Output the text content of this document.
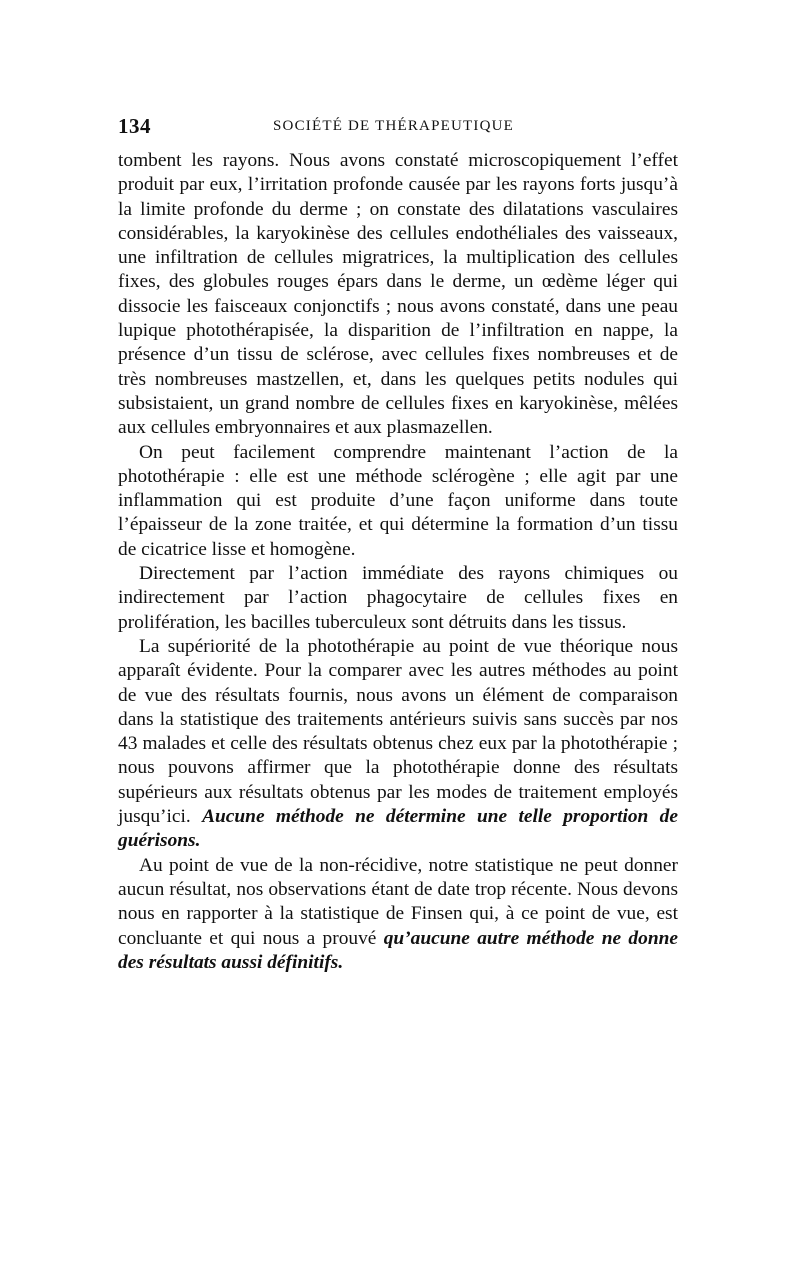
134	SOCIÉTÉ DE THÉRAPEUTIQUE

tombent les rayons. Nous avons constaté microscopiquement l’effet produit par eux, l’irritation profonde causée par les rayons forts jusqu’à la limite profonde du derme ; on constate des dilatations vasculaires considérables, la karyokinèse des cellules endothéliales des vaisseaux, une infiltration de cellules migratrices, la multiplication des cellules fixes, des globules rouges épars dans le derme, un œdème léger qui dissocie les faisceaux conjonctifs ; nous avons constaté, dans une peau lupique photothérapisée, la disparition de l’infiltration en nappe, la présence d’un tissu de sclérose, avec cellules fixes nombreuses et de très nombreuses mastzellen, et, dans les quelques petits nodules qui subsistaient, un grand nombre de cellules fixes en karyokinèse, mêlées aux cellules embryonnaires et aux plasmazellen.

On peut facilement comprendre maintenant l’action de la photothérapie : elle est une méthode sclérogène ; elle agit par une inflammation qui est produite d’une façon uniforme dans toute l’épaisseur de la zone traitée, et qui détermine la formation d’un tissu de cicatrice lisse et homogène.

Directement par l’action immédiate des rayons chimiques ou indirectement par l’action phagocytaire de cellules fixes en prolifération, les bacilles tuberculeux sont détruits dans les tissus.

La supériorité de la photothérapie au point de vue théorique nous apparaît évidente. Pour la comparer avec les autres méthodes au point de vue des résultats fournis, nous avons un élément de comparaison dans la statistique des traitements antérieurs suivis sans succès par nos 43 malades et celle des résultats obtenus chez eux par la photothérapie ; nous pouvons affirmer que la photothérapie donne des résultats supérieurs aux résultats obtenus par les modes de traitement employés jusqu’ici. Aucune méthode ne détermine une telle proportion de guérisons.

Au point de vue de la non-récidive, notre statistique ne peut donner aucun résultat, nos observations étant de date trop récente. Nous devons nous en rapporter à la statistique de Finsen qui, à ce point de vue, est concluante et qui nous a prouvé qu’aucune autre méthode ne donne des résultats aussi définitifs.
